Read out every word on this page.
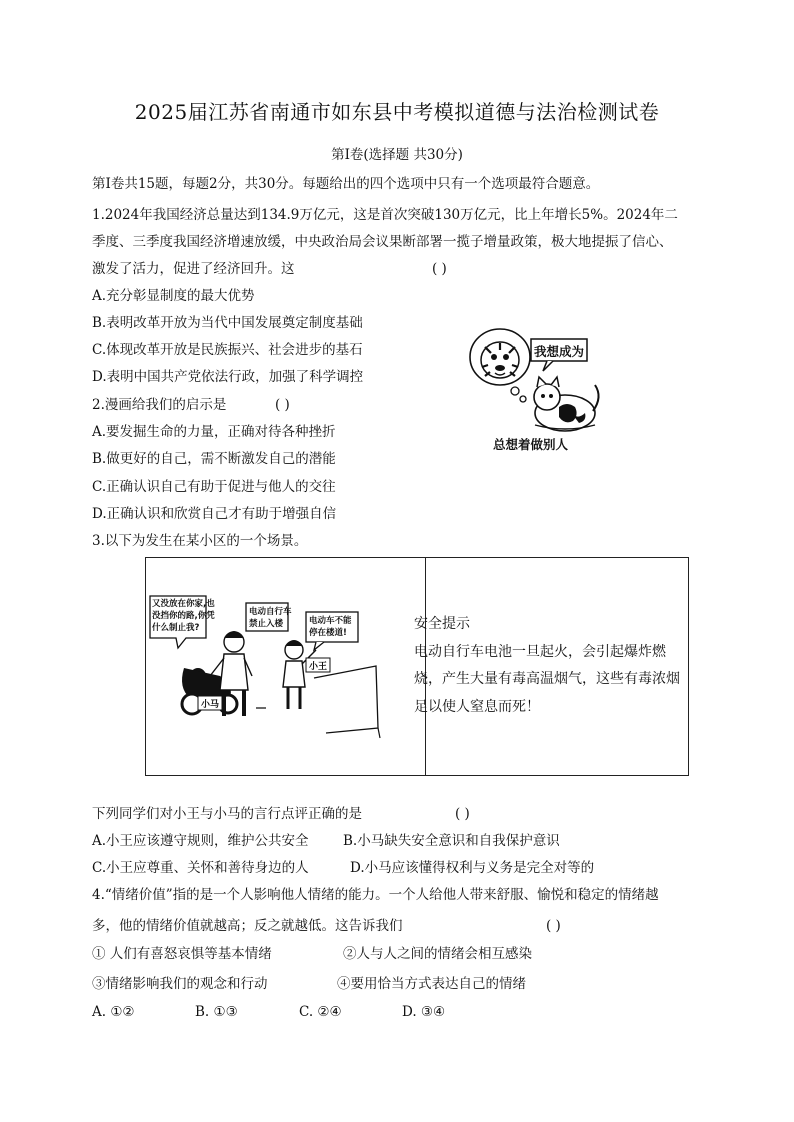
2025届江苏省南通市如东县中考模拟道德与法治检测试卷
第Ⅰ卷(选择题 共30分)
第Ⅰ卷共15题，每题2分，共30分。每题给出的四个选项中只有一个选项最符合题意。
1.2024年我国经济总量达到134.9万亿元，这是首次突破130万亿元，比上年增长5%。2024年二
季度、三季度我国经济增速放缓，中央政治局会议果断部署一揽子增量政策，极大地提振了信心、
激发了活力，促进了经济回升。这	( )
A.充分彰显制度的最大优势
B.表明改革开放为当代中国发展奠定制度基础
C.体现改革开放是民族振兴、社会进步的基石
D.表明中国共产党依法行政，加强了科学调控
2.漫画给我们的启示是	( )
A.要发掘生命的力量，正确对待各种挫折
B.做更好的自己，需不断激发自己的潜能
C.正确认识自己有助于促进与他人的交往
D.正确认识和欣赏自己才有助于增强自信
我想成为
总想着做别人
3.以下为发生在某小区的一个场景。
又没放在你家,也
没挡你的路,你凭
什么制止我?
电动自行车
禁止入楼	电动车不能
停在楼道!
小王
小马
安全提示
电动自行车电池一旦起火，会引起爆炸燃
烧，产生大量有毒高温烟气，这些有毒浓烟
足以使人窒息而死！
下列同学们对小王与小马的言行点评正确的是	( )
A.小王应该遵守规则，维护公共安全	B.小马缺失安全意识和自我保护意识
C.小王应尊重、关怀和善待身边的人	D.小马应该懂得权利与义务是完全对等的
4.“情绪价值”指的是一个人影响他人情绪的能力。一个人给他人带来舒服、愉悦和稳定的情绪越
多，他的情绪价值就越高；反之就越低。这告诉我们	( )
① 人们有喜怒哀惧等基本情绪	②人与人之间的情绪会相互感染
③情绪影响我们的观念和行动	④要用恰当方式表达自己的情绪
A. ①②	B. ①③	C. ②④	D. ③④
